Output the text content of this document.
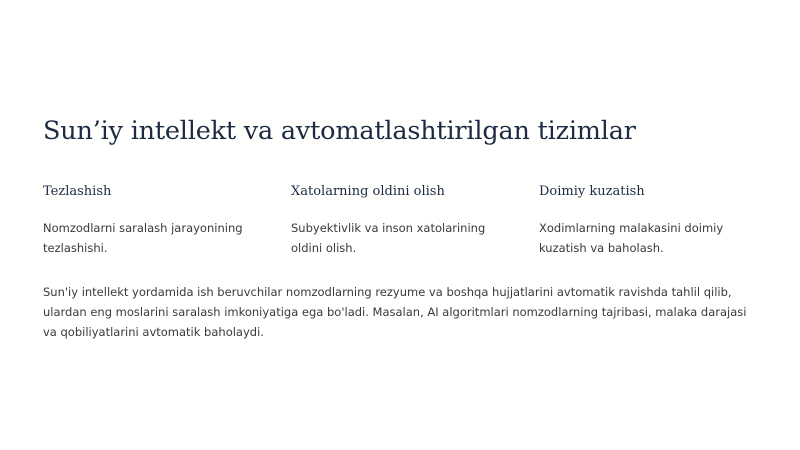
Sun’iy intellekt va avtomatlashtirilgan tizimlar
Tezlashish

Nomzodlarni saralash jarayonining tezlashishi.

Xatolarning oldini olish

Subyektivlik va inson xatolarining oldini olish.

Doimiy kuzatish

Xodimlarning malakasini doimiy kuzatish va baholash.

Sun'iy intellekt yordamida ish beruvchilar nomzodlarning rezyume va boshqa hujjatlarini avtomatik ravishda tahlil qilib, ulardan eng moslarini saralash imkoniyatiga ega bo'ladi. Masalan, AI algoritmlari nomzodlarning tajribasi, malaka darajasi va qobiliyatlarini avtomatik baholaydi.
